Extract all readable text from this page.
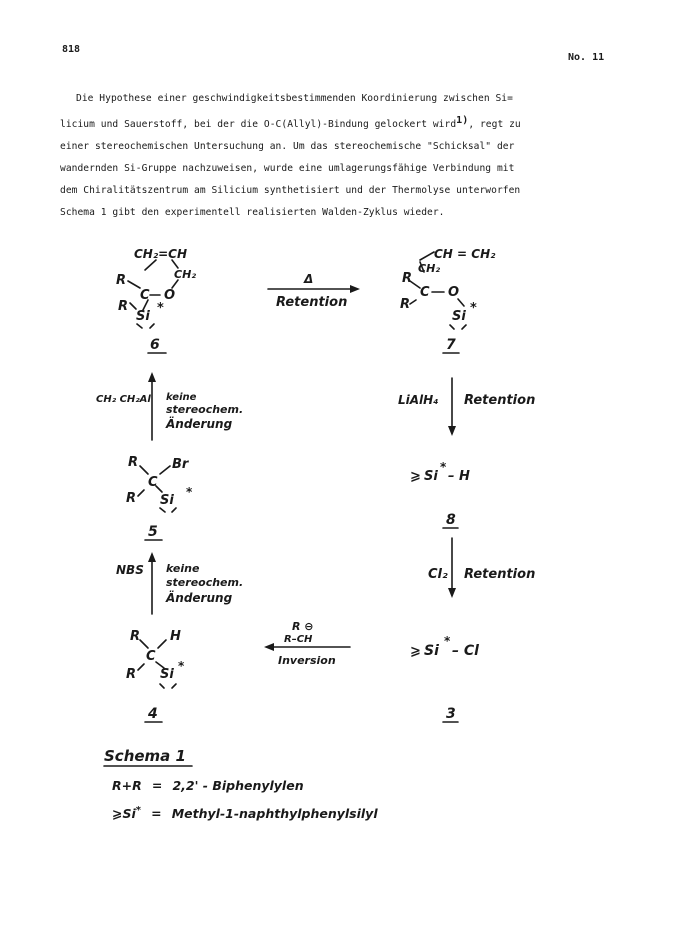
818
No. 11
Die Hypothese einer geschwindigkeitsbestimmenden Koordinierung zwischen Si=
licium und Sauerstoff, bei der die O-C(Allyl)-Bindung gelockert wird$^{1)}$, regt zu
einer stereochemischen Untersuchung an. Um das stereochemische "Schicksal" der
wandernden Si-Gruppe nachzuweisen, wurde eine umlagerungsfähige Verbindung mit
dem Chiralitätszentrum am Silicium synthetisiert und der Thermolyse unterworfen
Schema 1 gibt den experimentell realisierten Walden-Zyklus wieder.
CH₂=CH
CH₂
R
C O
R
Si
*
6
CH = CH₂
CH₂
R
C O
R
Si
*
7
Δ
Retention
LiAlH₄ Retention
⩾ Si
*
– H
8
Cl₂ Retention
⩾ Si
*
– Cl
3
CH₂ CH₂Al keine
stereochem.
Änderung
R
C
Br
R Si
*
5
NBS keine
stereochem.
Änderung
R
C
H
R Si
*
4
R ⊖
R–CH
Inversion
Schema 1
R+R = 2,2' - Biphenylylen
⩾Si* = Methyl-1-naphthylphenylsilyl
